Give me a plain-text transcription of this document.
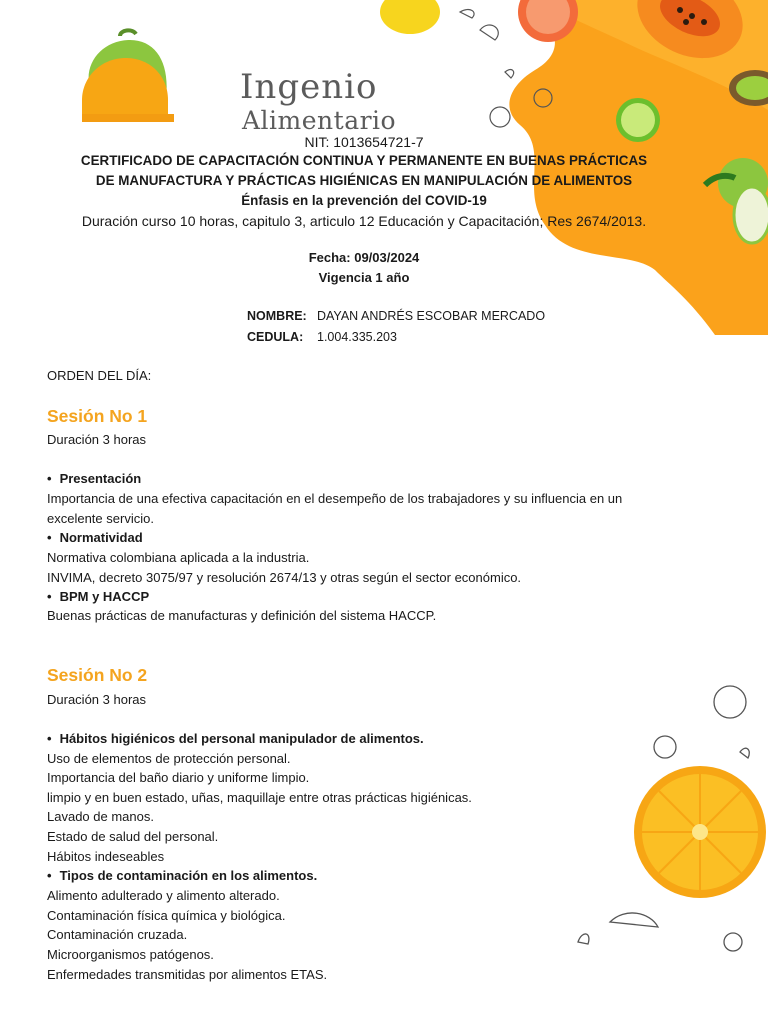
Ingenio
Alimentario
NIT: 1013654721-7
CERTIFICADO DE CAPACITACIÓN CONTINUA Y PERMANENTE EN BUENAS PRÁCTICAS
DE MANUFACTURA Y PRÁCTICAS HIGIÉNICAS EN MANIPULACIÓN DE ALIMENTOS
Énfasis en la prevención del COVID-19
Duración curso 10 horas, capitulo 3, articulo 12 Educación y Capacitación; Res 2674/2013.
Fecha: 09/03/2024
Vigencia 1 año
NOMBRE: DAYAN ANDRÉS ESCOBAR MERCADO
CEDULA: 1.004.335.203
ORDEN DEL DÍA:
Sesión No 1
Duración 3 horas
• Presentación
Importancia de una efectiva capacitación en el desempeño de los trabajadores y su influencia en un
excelente servicio.
• Normatividad
Normativa colombiana aplicada a la industria.
INVIMA, decreto 3075/97 y resolución 2674/13 y otras según el sector económico.
• BPM y HACCP
Buenas prácticas de manufacturas y definición del sistema HACCP.
Sesión No 2
Duración 3 horas
• Hábitos higiénicos del personal manipulador de alimentos.
Uso de elementos de protección personal.
Importancia del baño diario y uniforme limpio.
limpio y en buen estado, uñas, maquillaje entre otras prácticas higiénicas.
Lavado de manos.
Estado de salud del personal.
Hábitos indeseables
• Tipos de contaminación en los alimentos.
Alimento adulterado y alimento alterado.
Contaminación física química y biológica.
Contaminación cruzada.
Microorganismos patógenos.
Enfermedades transmitidas por alimentos ETAS.
